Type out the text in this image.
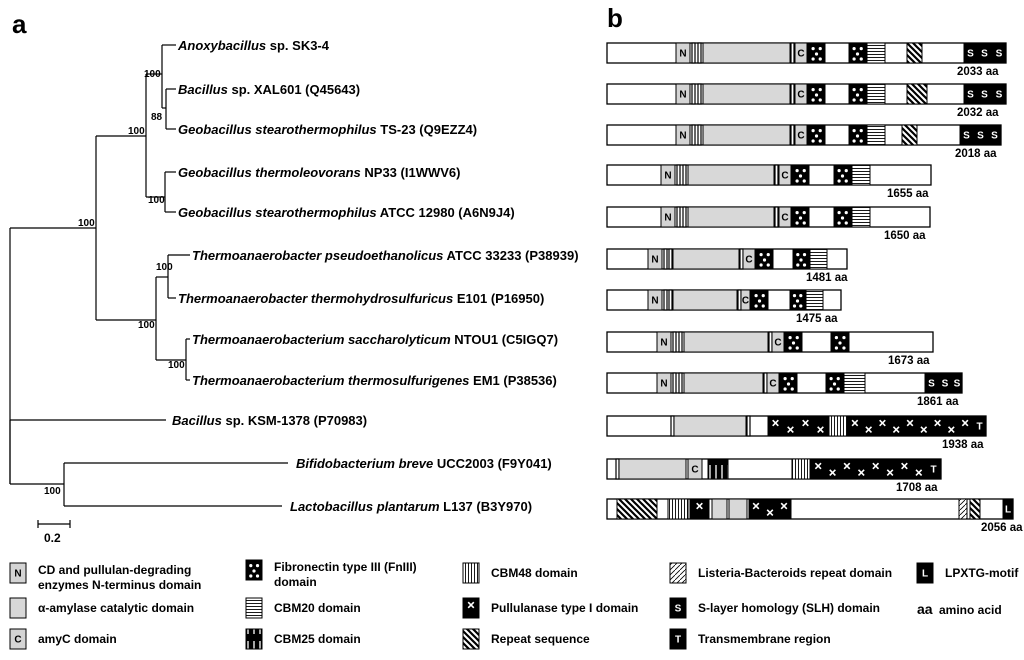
a	b
0.2
100
88
100
100
100
100
100
100
100
Anoxybacillus sp. SK3-4
Bacillus sp. XAL601 (Q45643)
Geobacillus stearothermophilus TS-23 (Q9EZZ4)
Geobacillus thermoleovorans NP33 (I1WWV6)
Geobacillus stearothermophilus ATCC 12980 (A6N9J4)
Thermoanaerobacter pseudoethanolicus ATCC 33233 (P38939)
Thermoanaerobacter thermohydrosulfuricus E101 (P16950)
Thermoanaerobacterium saccharolyticum NTOU1 (C5IGQ7)
Thermoanaerobacterium thermosulfurigenes EM1 (P38536)
Bacillus sp. KSM-1378 (P70983)
Bifidobacterium breve UCC2003 (F9Y041)
Lactobacillus plantarum L137 (B3Y970)
N	C	S S S
2033 aa
N	C	S S S
2032 aa
N	C	S S S
2018 aa
N	C
1655 aa
N	C
1650 aa
N	C
1481 aa
N	C
1475 aa
N	C
1673 aa
N	C	S S S
1861 aa
T
1938 aa
C	T
1708 aa
L
2056 aa
N CD and pullulan-degrading
enzymes N-terminus domain
Fibronectin type III (FnIII)
domain
CBM48 domain	Listeria-Bacteroids repeat domain	L LPXTG-motif
α-amylase catalytic domain	CBM20 domain	Pullulanase type I domain	S S-layer homology (SLH) domain	aa amino acid
C amyC domain	CBM25 domain	Repeat sequence	T Transmembrane region
